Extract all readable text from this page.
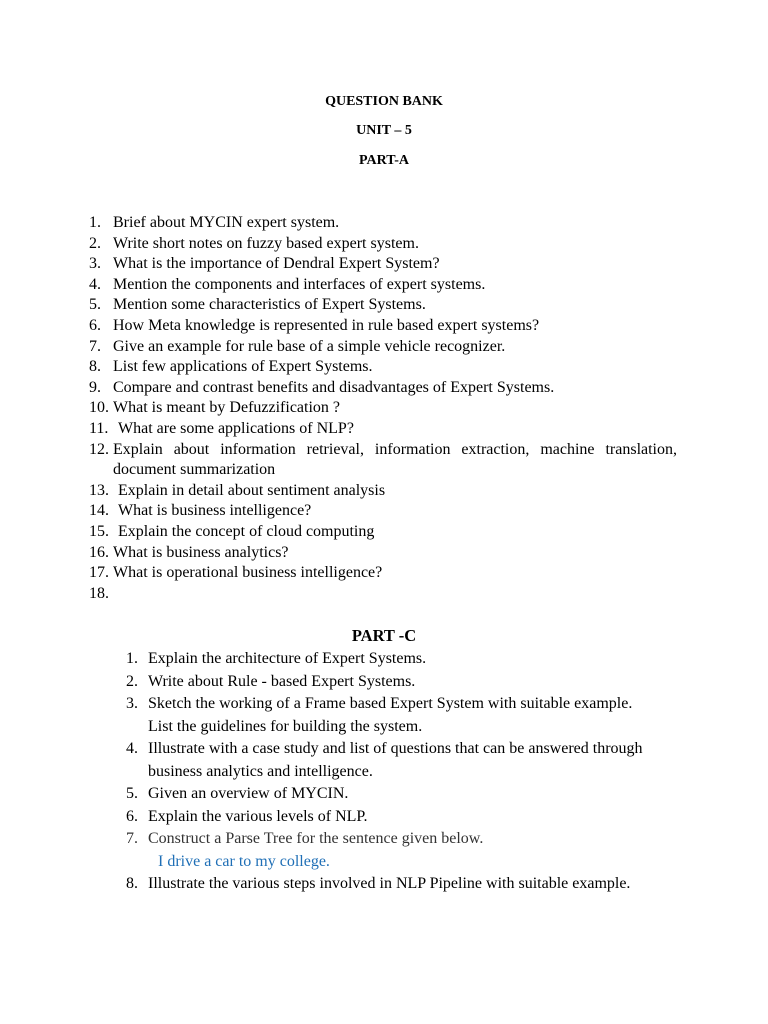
QUESTION BANK
UNIT – 5
PART-A
1. Brief about MYCIN expert system.
2. Write short notes on fuzzy based expert system.
3. What is the importance of Dendral Expert System?
4. Mention the components and interfaces of expert systems.
5. Mention some characteristics of Expert Systems.
6. How Meta knowledge is represented in rule based expert systems?
7. Give an example for rule base of a simple vehicle recognizer.
8. List few applications of Expert Systems.
9. Compare and contrast benefits and disadvantages of Expert Systems.
10. What is meant by Defuzzification ?
11. What are some applications of NLP?
12. Explain about information retrieval, information extraction, machine translation, document summarization
13. Explain in detail about sentiment analysis
14. What is business intelligence?
15. Explain the concept of cloud computing
16. What is business analytics?
17. What is operational business intelligence?
18.
PART -C
1. Explain the architecture of Expert Systems.
2. Write about Rule - based Expert Systems.
3. Sketch the working of a Frame based Expert System with suitable example. List the guidelines for building the system.
4. Illustrate with a case study and list of questions that can be answered through business analytics and intelligence.
5. Given an overview of MYCIN.
6. Explain the various levels of NLP.
7. Construct a Parse Tree for the sentence given below.
I drive a car to my college.
8. Illustrate the various steps involved in NLP Pipeline with suitable example.
